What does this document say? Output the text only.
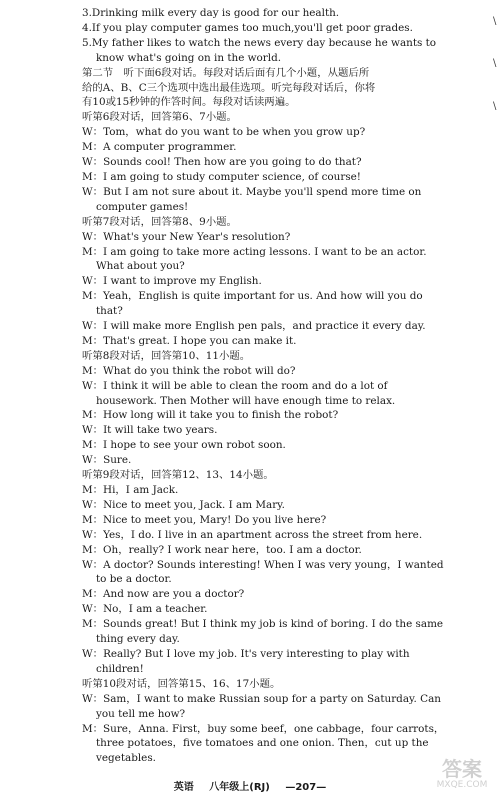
3.Drinking milk every day is good for our health.

4.If you play computer games too much,you'll get poor grades.

5.My father likes to watch the news every day because he wants to

know what's going on in the world.

第二节　听下面6段对话。每段对话后面有几个小题，从题后所

给的A、B、C三个选项中选出最佳选项。听完每段对话后，你将

有10或15秒钟的作答时间。每段对话读两遍。

听第6段对话，回答第6、7小题。

W：Tom，what do you want to be when you grow up?

M：A computer programmer.

W：Sounds cool! Then how are you going to do that?

M：I am going to study computer science, of course!

W：But I am not sure about it. Maybe you'll spend more time on

computer games!

听第7段对话，回答第8、9小题。

W：What's your New Year's resolution?

M：I am going to take more acting lessons. I want to be an actor.

What about you?

W：I want to improve my English.

M：Yeah，English is quite important for us. And how will you do

that?

W：I will make more English pen pals，and practice it every day.

M：That's great. I hope you can make it.

听第8段对话，回答第10、11小题。

M：What do you think the robot will do?

W：I think it will be able to clean the room and do a lot of

housework. Then Mother will have enough time to relax.

M：How long will it take you to finish the robot?

W：It will take two years.

M：I hope to see your own robot soon.

W：Sure.

听第9段对话，回答第12、13、14小题。

M：Hi，I am Jack.

W：Nice to meet you, Jack. I am Mary.

M：Nice to meet you, Mary! Do you live here?

W：Yes，I do. I live in an apartment across the street from here.

M：Oh，really? I work near here，too. I am a doctor.

W：A doctor? Sounds interesting! When I was very young，I wanted

to be a doctor.

M：And now are you a doctor?

W：No，I am a teacher.

M：Sounds great! But I think my job is kind of boring. I do the same

thing every day.

W：Really? But I love my job. It's very interesting to play with

children!

听第10段对话，回答第15、16、17小题。

W：Sam，I want to make Russian soup for a party on Saturday. Can

you tell me how?

M：Sure，Anna. First，buy some beef，one cabbage，four carrots，

three potatoes，five tomatoes and one onion. Then，cut up the

vegetables.

\
\
\
英语 八年级上(RJ) —207—
答案
MXQE.COM
